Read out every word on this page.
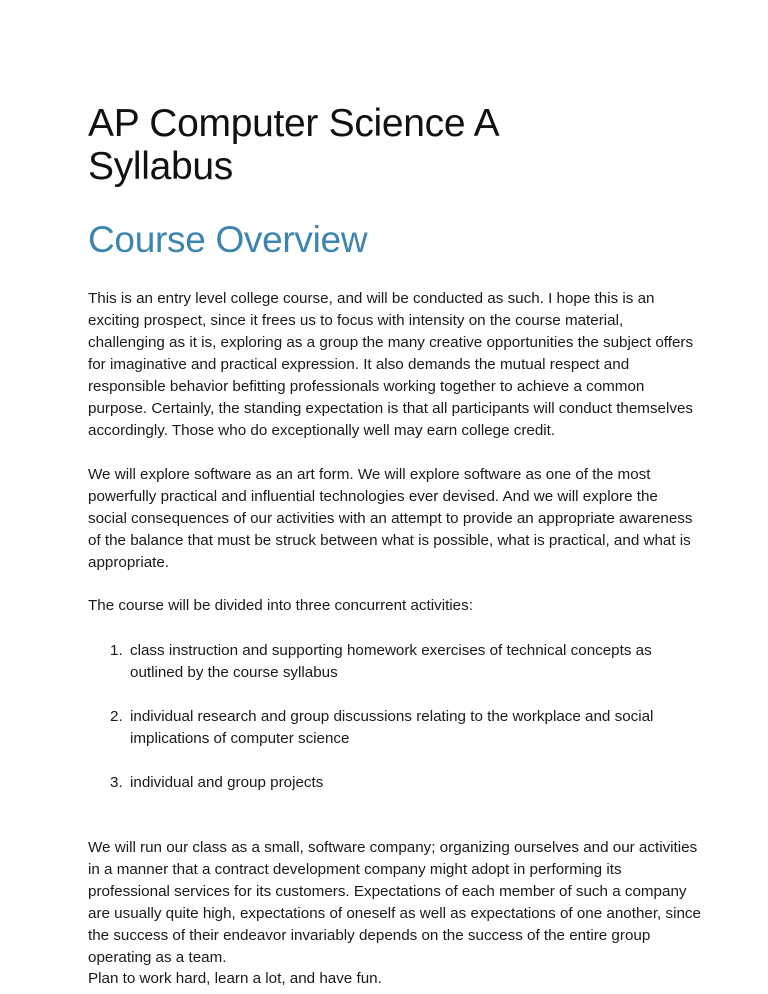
AP Computer Science A
Syllabus
Course Overview
This is an entry level college course, and will be conducted as such. I hope this is an
exciting prospect, since it frees us to focus with intensity on the course material,
challenging as it is, exploring as a group the many creative opportunities the subject offers
for imaginative and practical expression. It also demands the mutual respect and
responsible behavior befitting professionals working together to achieve a common
purpose. Certainly, the standing expectation is that all participants will conduct themselves
accordingly. Those who do exceptionally well may earn college credit.
We will explore software as an art form. We will explore software as one of the most
powerfully practical and influential technologies ever devised. And we will explore the
social consequences of our activities with an attempt to provide an appropriate awareness
of the balance that must be struck between what is possible, what is practical, and what is
appropriate.
The course will be divided into three concurrent activities:
1. class instruction and supporting homework exercises of technical concepts as
outlined by the course syllabus
2. individual research and group discussions relating to the workplace and social
implications of computer science
3. individual and group projects
We will run our class as a small, software company; organizing ourselves and our activities
in a manner that a contract development company might adopt in performing its
professional services for its customers. Expectations of each member of such a company
are usually quite high, expectations of oneself as well as expectations of one another, since
the success of their endeavor invariably depends on the success of the entire group
operating as a team.
Plan to work hard, learn a lot, and have fun.
